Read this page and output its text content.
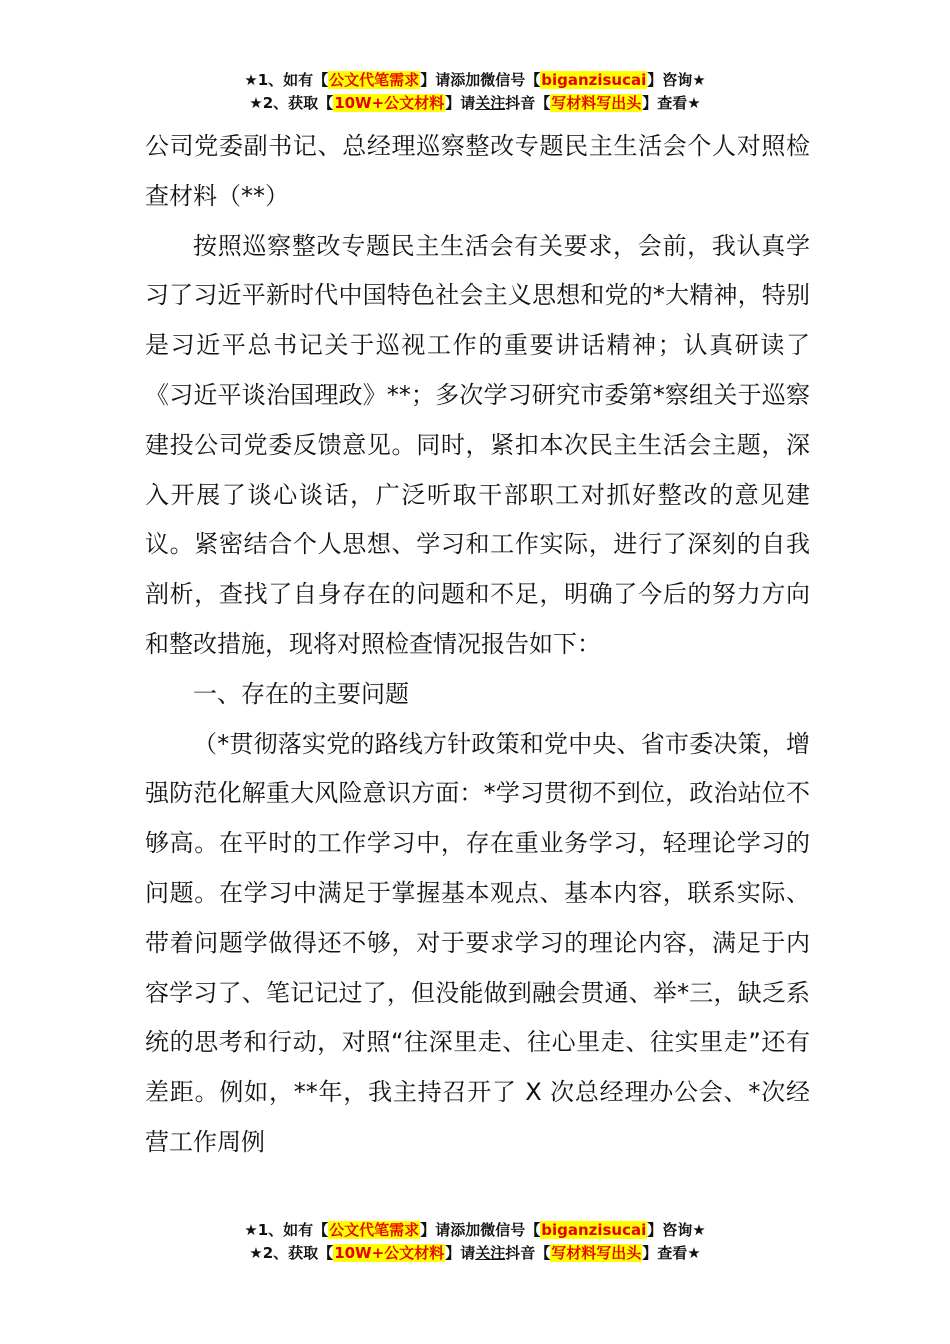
★1、如有【公文代笔需求】请添加微信号【biganzisucai】咨询★
★2、获取【10W+公文材料】请关注抖音【写材料写出头】查看★

公司党委副书记、总经理巡察整改专题民主生活会个人对照检查材料（**）

按照巡察整改专题民主生活会有关要求，会前，我认真学习了习近平新时代中国特色社会主义思想和党的*大精神，特别是习近平总书记关于巡视工作的重要讲话精神；认真研读了《习近平谈治国理政》**；多次学习研究市委第*察组关于巡察建投公司党委反馈意见。同时，紧扣本次民主生活会主题，深入开展了谈心谈话，广泛听取干部职工对抓好整改的意见建议。紧密结合个人思想、学习和工作实际，进行了深刻的自我剖析，查找了自身存在的问题和不足，明确了今后的努力方向和整改措施，现将对照检查情况报告如下：

一、存在的主要问题

（*贯彻落实党的路线方针政策和党中央、省市委决策，增强防范化解重大风险意识方面：*学习贯彻不到位，政治站位不够高。在平时的工作学习中，存在重业务学习，轻理论学习的问题。在学习中满足于掌握基本观点、基本内容，联系实际、带着问题学做得还不够，对于要求学习的理论内容，满足于内容学习了、笔记记过了，但没能做到融会贯通、举*三，缺乏系统的思考和行动，对照“往深里走、往心里走、往实里走”还有差距。例如，**年，我主持召开了 X 次总经理办公会、*次经营工作周例

★1、如有【公文代笔需求】请添加微信号【biganzisucai】咨询★
★2、获取【10W+公文材料】请关注抖音【写材料写出头】查看★
